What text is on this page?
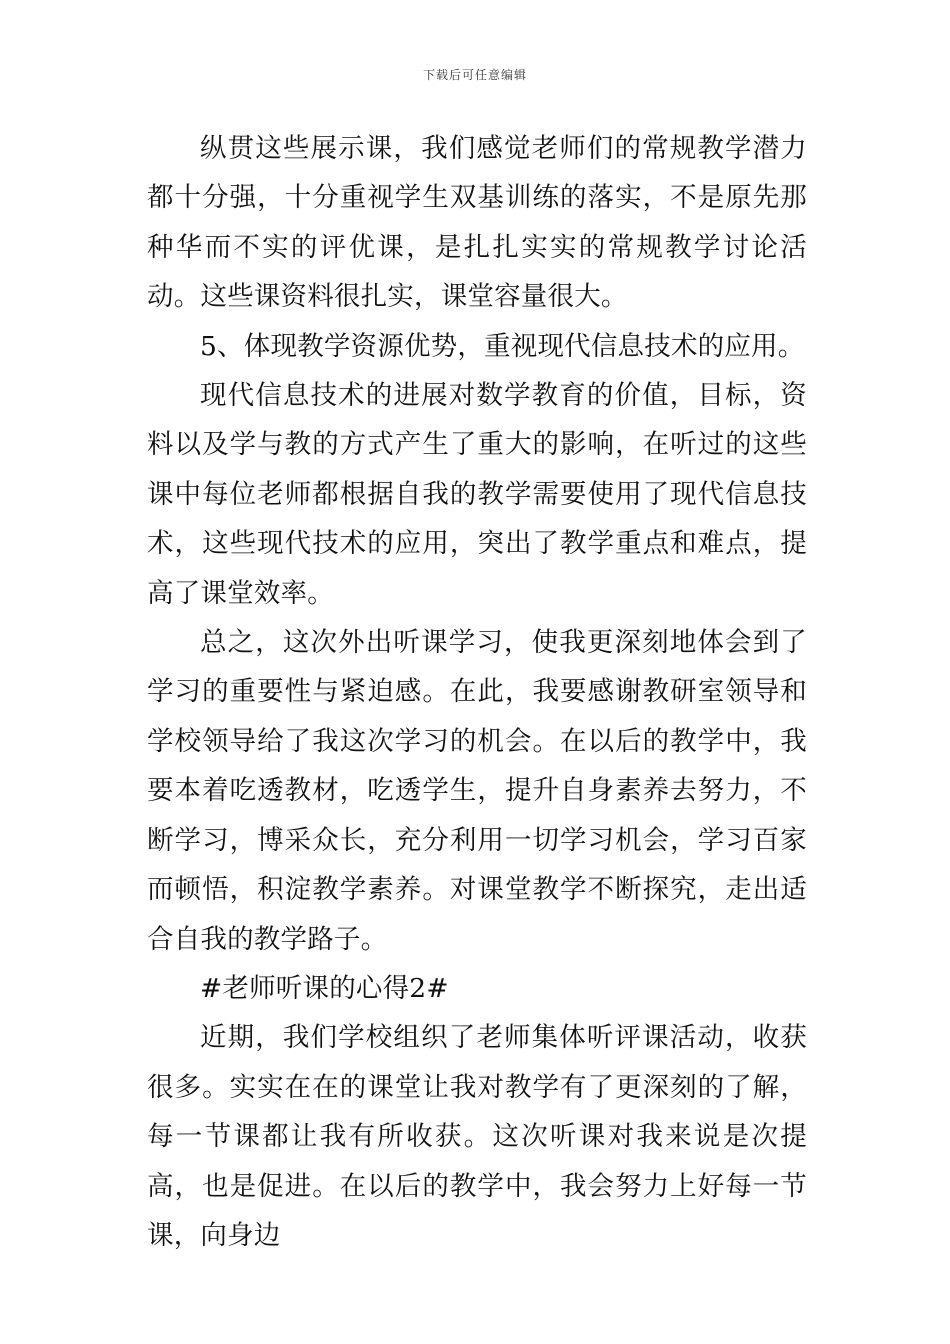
下载后可任意编辑

纵贯这些展示课，我们感觉老师们的常规教学潜力都十分强，十分重视学生双基训练的落实，不是原先那种华而不实的评优课，是扎扎实实的常规教学讨论活动。这些课资料很扎实，课堂容量很大。

5、体现教学资源优势，重视现代信息技术的应用。

现代信息技术的进展对数学教育的价值，目标，资料以及学与教的方式产生了重大的影响，在听过的这些课中每位老师都根据自我的教学需要使用了现代信息技术，这些现代技术的应用，突出了教学重点和难点，提高了课堂效率。

总之，这次外出听课学习，使我更深刻地体会到了学习的重要性与紧迫感。在此，我要感谢教研室领导和学校领导给了我这次学习的机会。在以后的教学中，我要本着吃透教材，吃透学生，提升自身素养去努力，不断学习，博采众长，充分利用一切学习机会，学习百家而顿悟，积淀教学素养。对课堂教学不断探究，走出适合自我的教学路子。

#老师听课的心得2#

近期，我们学校组织了老师集体听评课活动，收获很多。实实在在的课堂让我对教学有了更深刻的了解，每一节课都让我有所收获。这次听课对我来说是次提高，也是促进。在以后的教学中，我会努力上好每一节课，向身边
